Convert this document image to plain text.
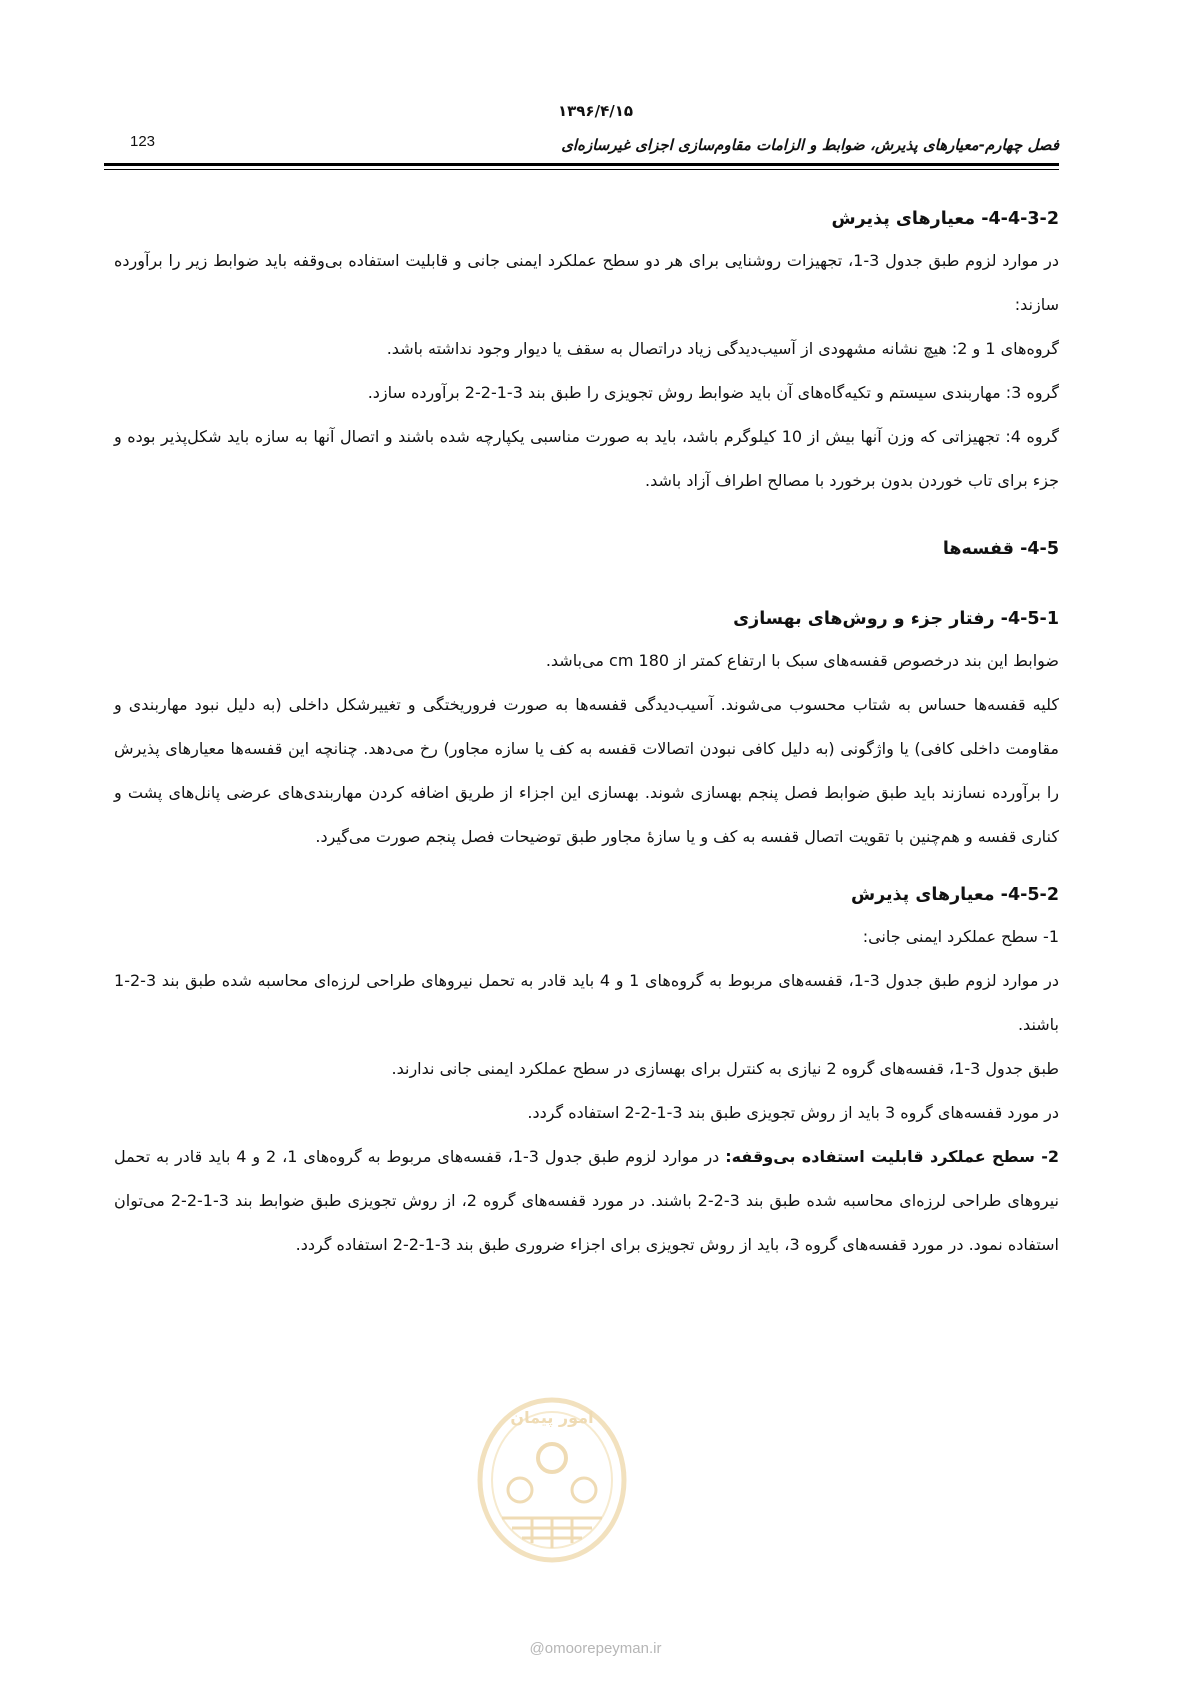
۱۳۹۶/۴/۱۵
فصل چهارم-معیارهای پذیرش، ضوابط و الزامات مقاوم‌سازی اجزای غیرسازه‌ای
123

4-4-3-2- معیارهای پذیرش

در موارد لزوم طبق جدول 3-1، تجهیزات روشنایی برای هر دو سطح عملکرد ایمنی جانی و قابلیت استفاده بی‌وقفه باید ضوابط زیر را برآورده سازند:

گروه‌های 1 و 2: هیچ نشانه مشهودی از آسیب‌دیدگی زیاد دراتصال به سقف یا دیوار وجود نداشته باشد.

گروه 3: مهاربندی سیستم و تکیه‌گاه‌های آن باید ضوابط روش تجویزی را طبق بند 3-1-2-2 برآورده سازد.

گروه 4: تجهیزاتی که وزن آنها بیش از 10 کیلوگرم باشد، باید به صورت مناسبی یکپارچه شده باشند و اتصال آنها به سازه باید شکل‌پذیر بوده و جزء برای تاب خوردن بدون برخورد با مصالح اطراف آزاد باشد.

4-5- قفسه‌ها

4-5-1- رفتار جزء و روش‌های بهسازی

ضوابط این بند درخصوص قفسه‌های سبک با ارتفاع کمتر از 180 cm می‌باشد.

کلیه قفسه‌ها حساس به شتاب محسوب می‌شوند. آسیب‌دیدگی قفسه‌ها به صورت فروریختگی و تغییرشکل داخلی (به دلیل نبود مهاربندی و مقاومت داخلی کافی) یا واژگونی (به دلیل کافی نبودن اتصالات قفسه به کف یا سازه مجاور) رخ می‌دهد. چنانچه این قفسه‌ها معیارهای پذیرش را برآورده نسازند باید طبق ضوابط فصل پنجم بهسازی شوند. بهسازی این اجزاء از طریق اضافه کردن مهاربندی‌های عرضی پانل‌های پشت و کناری قفسه و هم‌چنین با تقویت اتصال قفسه به کف و یا سازهٔ مجاور طبق توضیحات فصل پنجم صورت می‌گیرد.

4-5-2- معیارهای پذیرش

1- سطح عملکرد ایمنی جانی:

در موارد لزوم طبق جدول 3-1، قفسه‌های مربوط به گروه‌های 1 و 4 باید قادر به تحمل نیروهای طراحی لرزه‌ای محاسبه شده طبق بند 3-2-1 باشند.

طبق جدول 3-1، قفسه‌های گروه 2 نیازی به کنترل برای بهسازی در سطح عملکرد ایمنی جانی ندارند.

در مورد قفسه‌های گروه 3 باید از روش تجویزی طبق بند 3-1-2-2 استفاده گردد.

2- سطح عملکرد قابلیت استفاده بی‌وقفه: در موارد لزوم طبق جدول 3-1، قفسه‌های مربوط به گروه‌های 1، 2 و 4 باید قادر به تحمل نیروهای طراحی لرزه‌ای محاسبه شده طبق بند 3-2-2 باشند. در مورد قفسه‌های گروه 2، از روش تجویزی طبق ضوابط بند 3-1-2-2 می‌توان استفاده نمود. در مورد قفسه‌های گروه 3، باید از روش تجویزی برای اجزاء ضروری طبق بند 3-1-2-2 استفاده گردد.

امور پیمان
@omoorepeyman.ir
